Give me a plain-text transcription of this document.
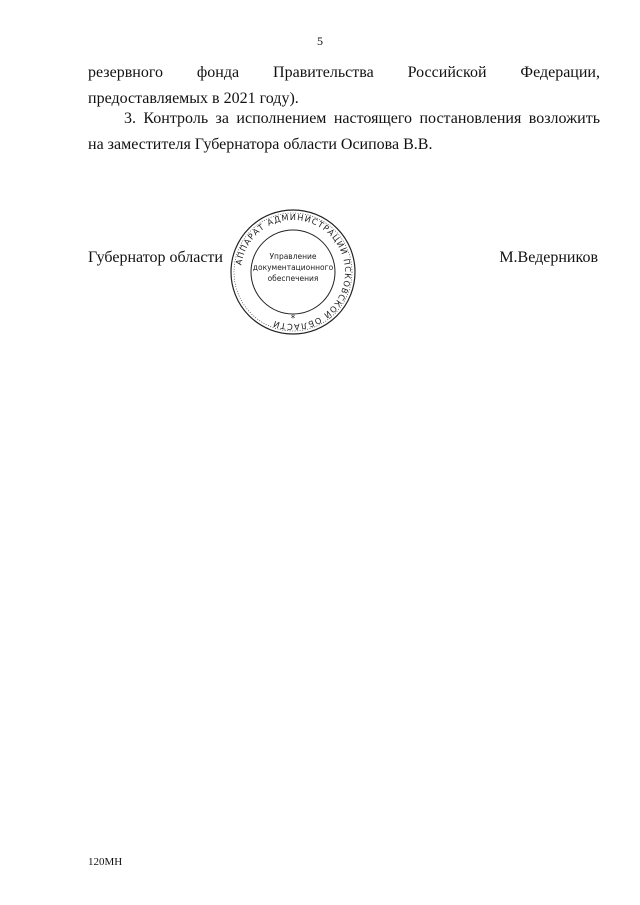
5
резервного фонда Правительства Российской Федерации,
предоставляемых в 2021 году).
3. Контроль за исполнением настоящего постановления возложить
на заместителя Губернатора области Осипова В.В.
Губернатор области	М.Ведерников
АППАРАТ АДМИНИСТРАЦИИ ПСКОВСКОЙ ОБЛАСТИ
Управление
документационного
обеспечения
*
120МН
